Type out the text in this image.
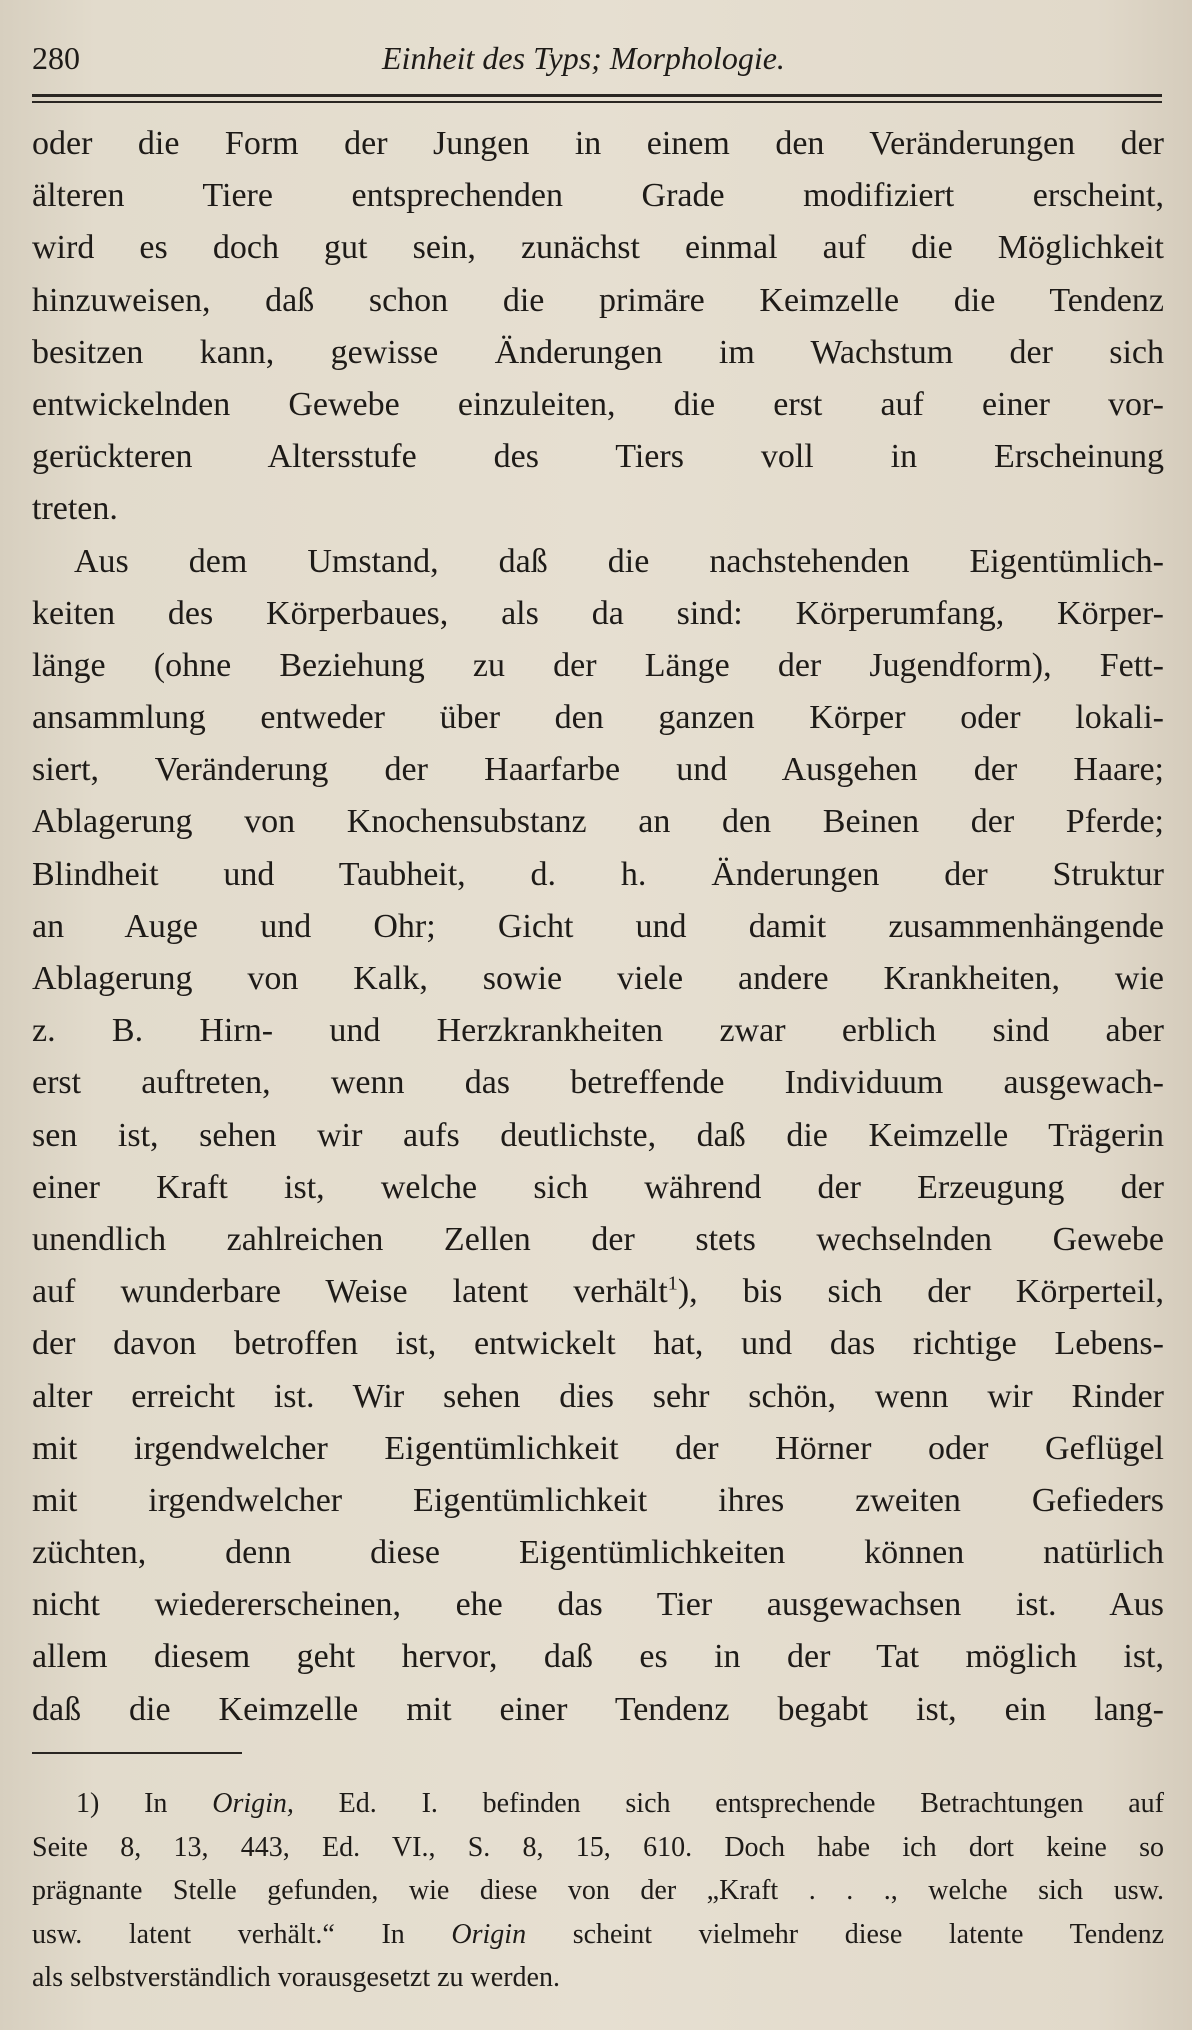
280	Einheit des Typs; Morphologie.
oder die Form der Jungen in einem den Veränderungen der
älteren Tiere entsprechenden Grade modifiziert erscheint,
wird es doch gut sein, zunächst einmal auf die Möglichkeit
hinzuweisen, daß schon die primäre Keimzelle die Tendenz
besitzen kann, gewisse Änderungen im Wachstum der sich
entwickelnden Gewebe einzuleiten, die erst auf einer vor-
gerückteren Altersstufe des Tiers voll in Erscheinung
treten.
Aus dem Umstand, daß die nachstehenden Eigentümlich-
keiten des Körperbaues, als da sind: Körperumfang, Körper-
länge (ohne Beziehung zu der Länge der Jugendform), Fett-
ansammlung entweder über den ganzen Körper oder lokali-
siert, Veränderung der Haarfarbe und Ausgehen der Haare;
Ablagerung von Knochensubstanz an den Beinen der Pferde;
Blindheit und Taubheit, d. h. Änderungen der Struktur
an Auge und Ohr; Gicht und damit zusammenhängende
Ablagerung von Kalk, sowie viele andere Krankheiten, wie
z. B. Hirn- und Herzkrankheiten zwar erblich sind aber
erst auftreten, wenn das betreffende Individuum ausgewach-
sen ist, sehen wir aufs deutlichste, daß die Keimzelle Trägerin
einer Kraft ist, welche sich während der Erzeugung der
unendlich zahlreichen Zellen der stets wechselnden Gewebe
auf wunderbare Weise latent verhält$^1$), bis sich der Körperteil,
der davon betroffen ist, entwickelt hat, und das richtige Lebens-
alter erreicht ist. Wir sehen dies sehr schön, wenn wir Rinder
mit irgendwelcher Eigentümlichkeit der Hörner oder Geflügel
mit irgendwelcher Eigentümlichkeit ihres zweiten Gefieders
züchten, denn diese Eigentümlichkeiten können natürlich
nicht wiedererscheinen, ehe das Tier ausgewachsen ist. Aus
allem diesem geht hervor, daß es in der Tat möglich ist,
daß die Keimzelle mit einer Tendenz begabt ist, ein lang-
1) In Origin, Ed. I. befinden sich entsprechende Betrachtungen auf
Seite 8, 13, 443, Ed. VI., S. 8, 15, 610. Doch habe ich dort keine so
prägnante Stelle gefunden, wie diese von der „Kraft . . ., welche sich usw.
usw. latent verhält.“ In Origin scheint vielmehr diese latente Tendenz
als selbstverständlich vorausgesetzt zu werden.
